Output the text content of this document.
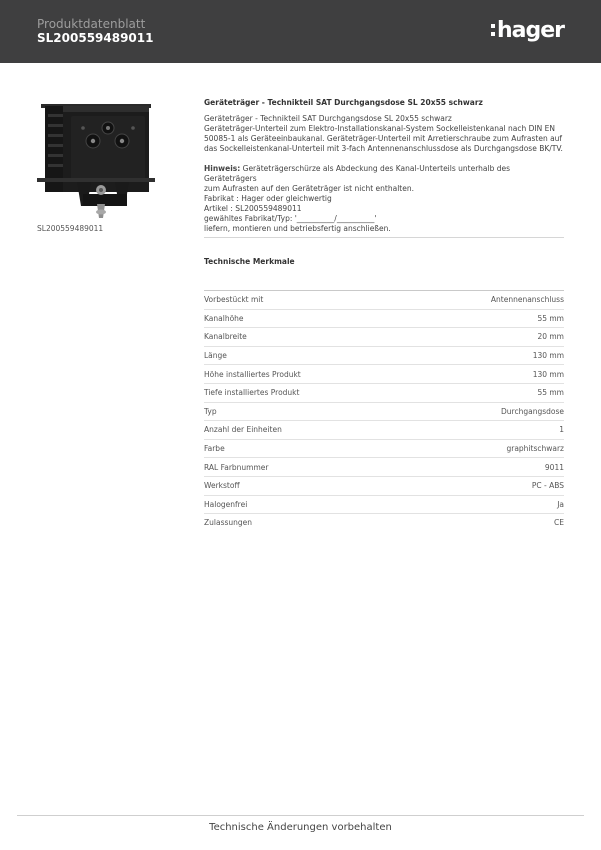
Produktdatenblatt
SL200559489011	hager
SL200559489011
Geräteträger - Technikteil SAT Durchgangsdose SL 20x55 schwarz
Geräteträger - Technikteil SAT Durchgangsdose SL 20x55 schwarz
Geräteträger-Unterteil zum Elektro-Installationskanal-System Sockelleistenkanal nach DIN EN
50085-1 als Geräteeinbaukanal. Geräteträger-Unterteil mit Arretierschraube zum Aufrasten auf
das Sockelleistenkanal-Unterteil mit 3-fach Antennenanschlussdose als Durchgangsdose BK/TV.
Hinweis: Geräteträgerschürze als Abdeckung des Kanal-Unterteils unterhalb des Geräteträgers
zum Aufrasten auf den Geräteträger ist nicht enthalten.
Fabrikat : Hager oder gleichwertig
Artikel : SL200559489011
gewähltes Fabrikat/Typ: '__________/__________'
liefern, montieren und betriebsfertig anschließen.
Technische Merkmale
Vorbestückt mit	Antennenanschluss
Kanalhöhe	55 mm
Kanalbreite	20 mm
Länge	130 mm
Höhe installiertes Produkt	130 mm
Tiefe installiertes Produkt	55 mm
Typ	Durchgangsdose
Anzahl der Einheiten	1
Farbe	graphitschwarz
RAL Farbnummer	9011
Werkstoff	PC - ABS
Halogenfrei	Ja
Zulassungen	CE
Technische Änderungen vorbehalten
